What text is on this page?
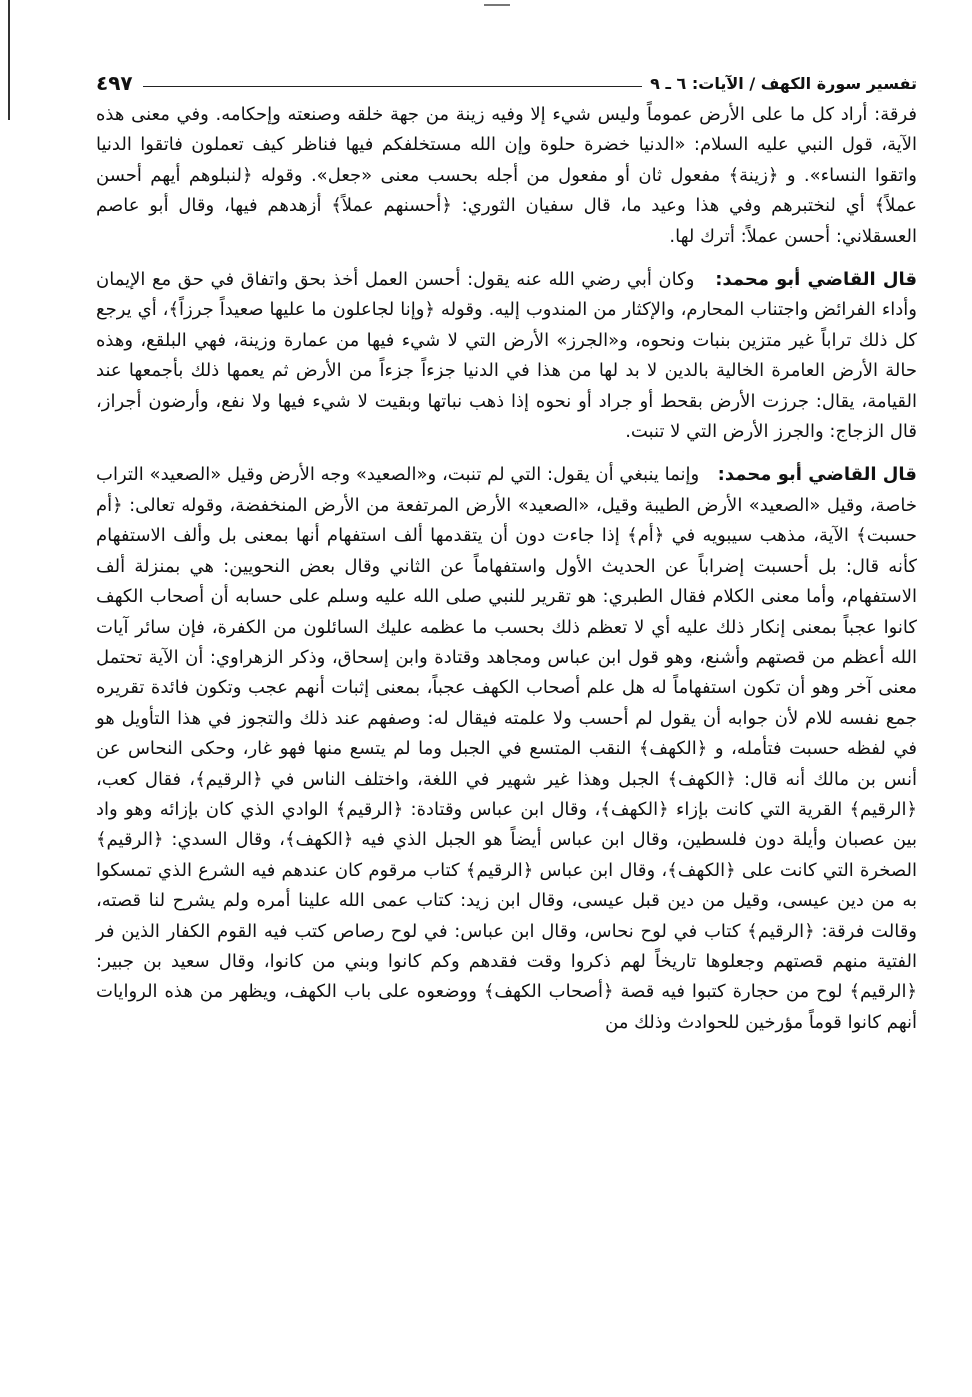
تفسير سورة الكهف / الآيات: ٦ ـ ٩
٤٩٧

فرقة: أراد كل ما على الأرض عموماً وليس شيء إلا وفيه زينة من جهة خلقه وصنعته وإحكامه. وفي معنى هذه الآية، قول النبي عليه السلام: «الدنيا خضرة حلوة وإن الله مستخلفكم فيها فناظر كيف تعملون فاتقوا الدنيا واتقوا النساء». و ﴿زينة﴾ مفعول ثان أو مفعول من أجله بحسب معنى «جعل». وقوله ﴿لنبلوهم أيهم أحسن عملاً﴾ أي لنختبرهم وفي هذا وعيد ما، قال سفيان الثوري: ﴿أحسنهم عملاً﴾ أزهدهم فيها، وقال أبو عاصم العسقلاني: أحسن عملاً: أترك لها.

قال القاضي أبو محمد:   وكان أبي رضي الله عنه يقول: أحسن العمل أخذ بحق واتفاق في حق مع الإيمان وأداء الفرائض واجتناب المحارم، والإكثار من المندوب إليه. وقوله ﴿وإنا لجاعلون ما عليها صعيداً جرزاً﴾، أي يرجع كل ذلك تراباً غير متزين بنبات ونحوه، و«الجرز» الأرض التي لا شيء فيها من عمارة وزينة، فهي البلقع، وهذه حالة الأرض العامرة الخالية بالدين لا بد لها من هذا في الدنيا جزءاً جزءاً من الأرض ثم يعمها ذلك بأجمعها عند القيامة، يقال: جرزت الأرض بقحط أو جراد أو نحوه إذا ذهب نباتها وبقيت لا شيء فيها ولا نفع، وأرضون أجراز، قال الزجاج: والجرز الأرض التي لا تنبت.

قال القاضي أبو محمد:   وإنما ينبغي أن يقول: التي لم تنبت، و«الصعيد» وجه الأرض وقيل «الصعيد» التراب خاصة، وقيل «الصعيد» الأرض الطيبة وقيل، «الصعيد» الأرض المرتفعة من الأرض المنخفضة، وقوله تعالى: ﴿أم حسبت﴾ الآية، مذهب سيبويه في ﴿أم﴾ إذا جاءت دون أن يتقدمها ألف استفهام أنها بمعنى بل وألف الاستفهام كأنه قال: بل أحسبت إضراباً عن الحديث الأول واستفهاماً عن الثاني وقال بعض النحويين: هي بمنزلة ألف الاستفهام، وأما معنى الكلام فقال الطبري: هو تقرير للنبي صلى الله عليه وسلم على حسابه أن أصحاب الكهف كانوا عجباً بمعنى إنكار ذلك عليه أي لا تعظم ذلك بحسب ما عظمه عليك السائلون من الكفرة، فإن سائر آيات الله أعظم من قصتهم وأشنع، وهو قول ابن عباس ومجاهد وقتادة وابن إسحاق، وذكر الزهراوي: أن الآية تحتمل معنى آخر وهو أن تكون استفهاماً له هل علم أصحاب الكهف عجباً، بمعنى إثبات أنهم عجب وتكون فائدة تقريره جمع نفسه للام لأن جوابه أن يقول لم أحسب ولا علمته فيقال له: وصفهم عند ذلك والتجوز في هذا التأويل هو في لفظه حسبت فتأمله، و ﴿الكهف﴾ النقب المتسع في الجبل وما لم يتسع منها فهو غار، وحكى النحاس عن أنس بن مالك أنه قال: ﴿الكهف﴾ الجبل وهذا غير شهير في اللغة، واختلف الناس في ﴿الرقيم﴾، فقال كعب، ﴿الرقيم﴾ القرية التي كانت بإزاء ﴿الكهف﴾، وقال ابن عباس وقتادة: ﴿الرقيم﴾ الوادي الذي كان بإزائه وهو واد بين عصبان وأيلة دون فلسطين، وقال ابن عباس أيضاً هو الجبل الذي فيه ﴿الكهف﴾، وقال السدي: ﴿الرقيم﴾ الصخرة التي كانت على ﴿الكهف﴾، وقال ابن عباس ﴿الرقيم﴾ كتاب مرقوم كان عندهم فيه الشرع الذي تمسكوا به من دين عيسى، وقيل من دين قبل عيسى، وقال ابن زيد: كتاب عمى الله علينا أمره ولم يشرح لنا قصته، وقالت فرقة: ﴿الرقيم﴾ كتاب في لوح نحاس، وقال ابن عباس: في لوح رصاص كتب فيه القوم الكفار الذين فر الفتية منهم قصتهم وجعلوها تاريخاً لهم ذكروا وقت فقدهم وكم كانوا وبني من كانوا، وقال سعيد بن جبير: ﴿الرقيم﴾ لوح من حجارة كتبوا فيه قصة ﴿أصحاب الكهف﴾ ووضعوه على باب الكهف، ويظهر من هذه الروايات أنهم كانوا قوماً مؤرخين للحوادث وذلك من
